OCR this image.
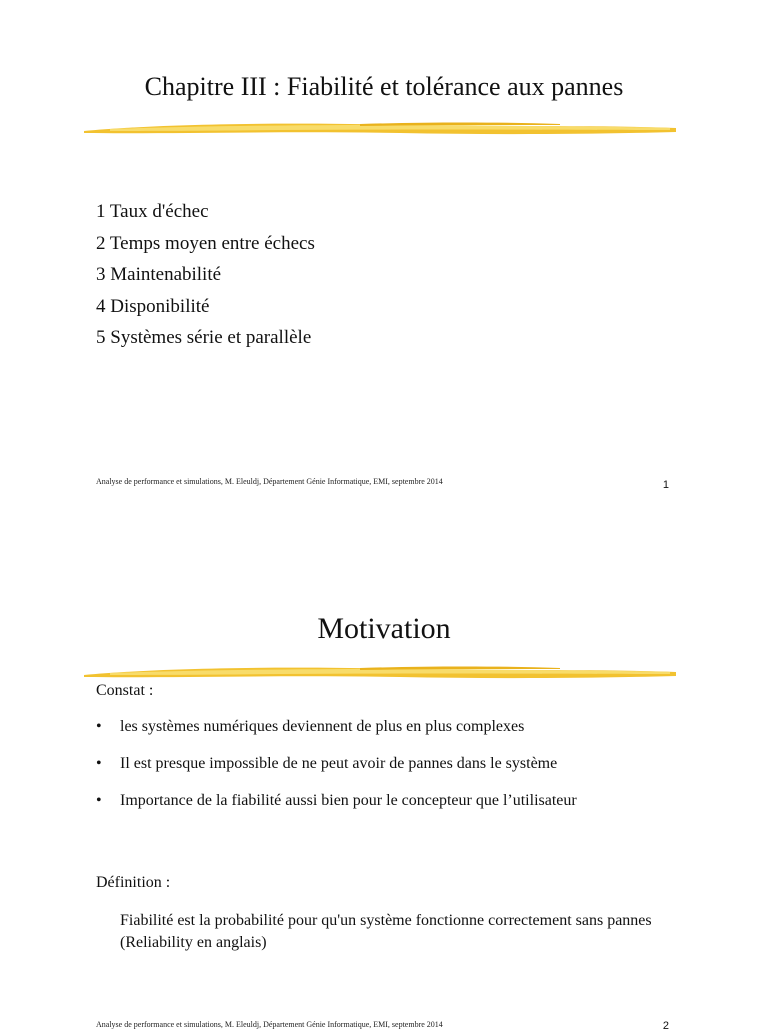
Chapitre III : Fiabilité et tolérance aux pannes
1 Taux d'échec
2 Temps moyen entre échecs
3 Maintenabilité
4 Disponibilité
5 Systèmes série et parallèle
Analyse de performance et simulations, M. Eleuldj, Département Génie Informatique, EMI, septembre 2014	1
Motivation
Constat :
•	les systèmes numériques deviennent de plus en plus complexes
•	Il est presque impossible de ne peut avoir de pannes dans le système
•	Importance de la fiabilité aussi bien pour le concepteur que l’utilisateur
Définition :
Fiabilité est la probabilité pour qu'un système fonctionne correctement sans pannes (Reliability en anglais)
Analyse de performance et simulations, M. Eleuldj, Département Génie Informatique, EMI, septembre 2014	2
